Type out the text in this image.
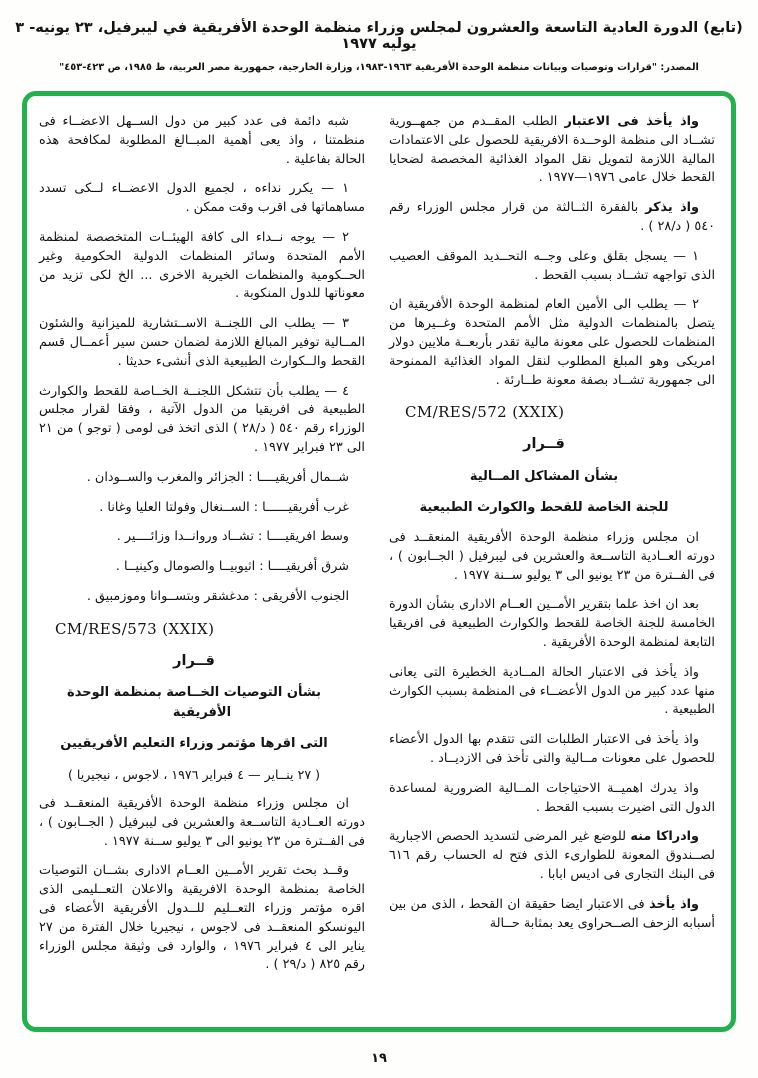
(تابع) الدورة العادية التاسعة والعشرون لمجلس وزراء منظمة الوحدة الأفريقية في ليبرفيل، ٢٣ يونيه- ٣ يوليه ١٩٧٧
المصدر: "قرارات وتوصيات وبيانات منظمة الوحدة الأفريقية ١٩٦٣-١٩٨٣، وزارة الخارجية، جمهورية مصر العربية، ط ١٩٨٥، ص ٤٢٣-٤٥٣"

واذ يأخذ فى الاعتبار الطلب المقــدم من جمهــورية تشــاد الى منظمة الوحــدة الافريقية للحصول على الاعتمادات المالية اللازمة لتمويل نقل المواد الغذائية المخصصة لضحايا القحط خلال عامى ١٩٧٦—١٩٧٧ .

واذ يذكر بالفقرة الثــالثة من قرار مجلس الوزراء رقم ٥٤٠ ( د/٢٨ ) .

١ — يسجل بقلق وعلى وجــه التحــديد الموقف العصيب الذى تواجهه تشــاد بسبب القحط .

٢ — يطلب الى الأمين العام لمنظمة الوحدة الأفريقية ان يتصل بالمنظمات الدولية مثل الأمم المتحدة وغــيرها من المنظمات للحصول على معونة مالية تقدر بأربعــة ملايين دولار امريكى وهو المبلغ المطلوب لنقل المواد الغذائية الممنوحة الى جمهورية تشــاد بصفة معونة طــارئة .

CM/RES/572 (XXIX)

قــرار

بشأن المشاكل المــالية

للجنة الخاصة للقحط والكوارث الطبيعية

ان مجلس وزراء منظمة الوحدة الأفريقية المنعقــد فى دورته العــادية التاســعة والعشرين فى ليبرفيل ( الجــابون ) ، فى الفــترة من ٢٣ يونيو الى ٣ يوليو ســنة ١٩٧٧ .

بعد ان اخذ علما بتقرير الأمــين العــام الادارى بشأن الدورة الخامسة للجنة الخاصة للقحط والكوارث الطبيعية فى افريقيا التابعة لمنظمة الوحدة الأفريقية .

واذ يأخذ فى الاعتبار الحالة المــادية الخطيرة التى يعانى منها عدد كبير من الدول الأعضــاء فى المنظمة بسبب الكوارث الطبيعية .

واذ يأخذ فى الاعتبار الطلبات التى تتقدم بها الدول الأعضاء للحصول على معونات مــالية والتى تأخذ فى الازديــاد .

واذ يدرك اهميــة الاحتياجات المــالية الضرورية لمساعدة الدول التى اضيرت بسبب القحط .

وادراكا منه للوضع غير المرضى لتسديد الحصص الاجبارية لصــندوق المعونة للطوارىء الذى فتح له الحساب رقم ٦١٦ فى البنك التجارى فى اديس ابابا .

واذ يأخذ فى الاعتبار ايضا حقيقة ان القحط ، الذى من بين أسبابه الزحف الصــحراوى يعد بمثابة حــالة

شبه دائمة فى عدد كبير من دول الســهل الاعضــاء فى منظمتنا ، واذ يعى أهمية المبــالغ المطلوبة لمكافحة هذه الحالة بفاعلية .

١ — يكرر نداءه ، لجميع الدول الاعضــاء لــكى تسدد مساهماتها فى اقرب وقت ممكن .

٢ — يوجه نــداء الى كافة الهيئــات المتخصصة لمنظمة الأمم المتحدة وسائر المنظمات الدولية الحكومية وغير الحــكومية والمنظمات الخيرية الاخرى ... الخ لكى تزيد من معوناتها للدول المنكوبة .

٣ — يطلب الى اللجنــة الاســتشارية للميزانية والشئون المــالية توفير المبالغ اللازمة لضمان حسن سير أعمــال قسم القحط والــكوارث الطبيعية الذى أنشىء حديثا .

٤ — يطلب بأن تتشكل اللجنــة الخــاصة للقحط والكوارث الطبيعية فى افريقيا من الدول الآتية ، وفقا لقرار مجلس الوزراء رقم ٥٤٠ ( د/٢٨ ) الذى اتخذ فى لومى ( توجو ) من ٢١ الى ٢٣ فبراير ١٩٧٧ .

شــمال أفريقيــــا : الجزائر والمغرب والســودان .

غرب أفريقيــــــا : الســنغال وفولتا العليا وغانا .

وسط افريقيــــا : تشــاد وروانــدا وزائــــير .

شرق أفريقيــــا : اثيوبيــا والصومال وكينيــا .

الجنوب الأفريقى : مدغشقر وبتســوانا وموزمبيق .

CM/RES/573 (XXIX)

قــرار

بشأن التوصيات الخــاصة بمنظمة الوحدة الأفريقية

التى اقرها مؤتمر وزراء التعليم الأفريقيين

( ٢٧ ينــاير — ٤ فبراير ١٩٧٦ ، لاجوس ، نيجيريا )

ان مجلس وزراء منظمة الوحدة الأفريقية المنعقــد فى دورته العــادية التاســعة والعشرين فى ليبرفيل ( الجــابون ) ، فى الفــترة من ٢٣ يونيو الى ٣ يوليو ســنة ١٩٧٧ .

وقــد بحث تقرير الأمــين العــام الادارى بشــان التوصيات الخاصة بمنظمة الوحدة الافريقية والاعلان التعــليمى الذى اقره مؤتمر وزراء التعــليم للــدول الأفريقية الأعضاء فى اليونسكو المنعقــد فى لاجوس ، نيجيريا خلال الفترة من ٢٧ يناير الى ٤ فبراير ١٩٧٦ ، والوارد فى وثيقة مجلس الوزراء رقم ٨٢٥ ( د/٢٩ ) .

١٩
